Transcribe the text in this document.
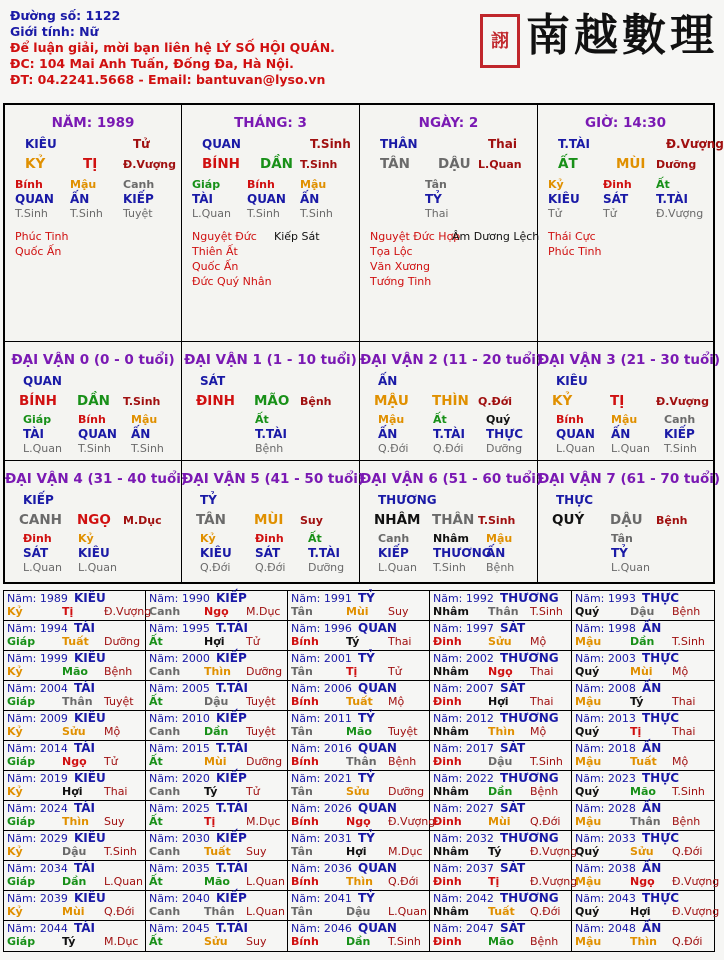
Đường số: 1122
Giới tính: Nữ
Để luận giải, mời bạn liên hệ LÝ SỐ HỘI QUÁN.
ĐC: 104 Mai Anh Tuấn, Đống Đa, Hà Nội.
ĐT: 04.2241.5668 - Email: bantuvan@lyso.vn
詡 南越數理
NĂM: 1989
KIÊU	Tử
KỶ	TỊ Đ.Vượng
Bính Mậu Canh
QUAN ẤN	KIẾP
T.Sinh T.Sinh Tuyệt
Phúc Tinh
Quốc Ấn
THÁNG: 3
QUAN	T.Sinh
BÍNH DẦN T.Sinh
Giáp Bính Mậu
TÀI	QUAN ẤN
L.Quan T.Sinh T.Sinh
Nguyệt Đức
Thiên Ất
Quốc Ấn
Đức Quý Nhân
Kiếp Sát
NGÀY: 2
THÂN	Thai
TÂN DẬU L.Quan
Tân
TỶ
Thai
Nguyệt Đức Hợp
Tọa Lộc
Văn Xương
Tướng Tinh
Âm Dương Lệch
GIỜ: 14:30
T.TÀI	Đ.Vượng
ẤT	MÙI Dưỡng
Kỷ	Đinh Ất
KIÊU SÁT T.TÀI
Tử	Tử	Đ.Vượng
Thái Cực
Phúc Tinh
ĐẠI VẬN 0 (0 - 0 tuổi)
QUAN
BÍNH DẦN T.Sinh
Giáp Bính Mậu
TÀI	QUAN ẤN
L.Quan T.Sinh T.Sinh
ĐẠI VẬN 1 (1 - 10 tuổi)
SÁT
ĐINH MÃO Bệnh
Ất
T.TÀI
Bệnh
ĐẠI VẬN 2 (11 - 20 tuổi)
ẤN
MẬU THÌN Q.Đới
Mậu	Ất	Quý
ẤN	T.TÀI THỰC
Q.Đới Q.Đới Dưỡng
ĐẠI VẬN 3 (21 - 30 tuổi)
KIÊU
KỶ	TỊ	Đ.Vượng
Bính Mậu Canh
QUAN ẤN	KIẾP
L.Quan L.Quan T.Sinh
ĐẠI VẬN 4 (31 - 40 tuổi)
KIẾP
CANH NGỌ M.Dục
Đinh Kỷ
SÁT KIÊU
L.Quan L.Quan
ĐẠI VẬN 5 (41 - 50 tuổi)
TỶ
TÂN MÙI Suy
Kỷ	Đinh Ất
KIÊU SÁT T.TÀI
Q.Đới Q.Đới Dưỡng
ĐẠI VẬN 6 (51 - 60 tuổi)
THƯƠNG
NHÂM THÂN T.Sinh
Canh Nhâm Mậu
KIẾP THƯƠNG
ẤN
L.Quan T.Sinh Bệnh
ĐẠI VẬN 7 (61 - 70 tuổi)
THỰC
QUÝ DẬU Bệnh
Tân
TỶ
L.Quan
Năm: 1989 KIÊU
Kỷ	Tị	Đ.Vượng
Năm: 1990 KIẾP
Canh Ngọ M.Dục
Năm: 1991 TỶ
Tân	Mùi Suy
Năm: 1992 THƯƠNG
Nhâm Thân T.Sinh
Năm: 1993 THỰC
Quý	Dậu Bệnh
Năm: 1994 TÀI
Giáp Tuất Dưỡng
Năm: 1995 T.TÀI
Ất	Hợi Tử
Năm: 1996 QUAN
Bính Tý	Thai
Năm: 1997 SÁT
Đinh Sửu Mộ
Năm: 1998 ẤN
Mậu	Dần T.Sinh
Năm: 1999 KIÊU
Kỷ	Mão Bệnh
Năm: 2000 KIẾP
Canh Thìn Dưỡng
Năm: 2001 TỶ
Tân	Tị	Tử
Năm: 2002 THƯƠNG
Nhâm Ngọ Thai
Năm: 2003 THỰC
Quý	Mùi Mộ
Năm: 2004 TÀI
Giáp Thân Tuyệt
Năm: 2005 T.TÀI
Ất	Dậu Tuyệt
Năm: 2006 QUAN
Bính Tuất Mộ
Năm: 2007 SÁT
Đinh Hợi Thai
Năm: 2008 ẤN
Mậu	Tý	Thai
Năm: 2009 KIÊU
Kỷ	Sửu Mộ
Năm: 2010 KIẾP
Canh Dần Tuyệt
Năm: 2011 TỶ
Tân	Mão Tuyệt
Năm: 2012 THƯƠNG
Nhâm Thìn Mộ
Năm: 2013 THỰC
Quý	Tị	Thai
Năm: 2014 TÀI
Giáp Ngọ Tử
Năm: 2015 T.TÀI
Ất	Mùi Dưỡng
Năm: 2016 QUAN
Bính Thân Bệnh
Năm: 2017 SÁT
Đinh Dậu T.Sinh
Năm: 2018 ẤN
Mậu	Tuất Mộ
Năm: 2019 KIÊU
Kỷ	Hợi Thai
Năm: 2020 KIẾP
Canh Tý	Tử
Năm: 2021 TỶ
Tân	Sửu Dưỡng
Năm: 2022 THƯƠNG
Nhâm Dần Bệnh
Năm: 2023 THỰC
Quý	Mão T.Sinh
Năm: 2024 TÀI
Giáp Thìn Suy
Năm: 2025 T.TÀI
Ất	Tị	M.Dục
Năm: 2026 QUAN
Bính Ngọ Đ.Vượng
Năm: 2027 SÁT
Đinh Mùi Q.Đới
Năm: 2028 ẤN
Mậu	Thân Bệnh
Năm: 2029 KIÊU
Kỷ	Dậu T.Sinh
Năm: 2030 KIẾP
Canh Tuất Suy
Năm: 2031 TỶ
Tân	Hợi M.Dục
Năm: 2032 THƯƠNG
Nhâm Tý	Đ.Vượng
Năm: 2033 THỰC
Quý	Sửu Q.Đới
Năm: 2034 TÀI
Giáp Dần L.Quan
Năm: 2035 T.TÀI
Ất	Mão L.Quan
Năm: 2036 QUAN
Bính Thìn Q.Đới
Năm: 2037 SÁT
Đinh Tị	Đ.Vượng
Năm: 2038 ẤN
Mậu	Ngọ Đ.Vượng
Năm: 2039 KIÊU
Kỷ	Mùi Q.Đới
Năm: 2040 KIẾP
Canh Thân L.Quan
Năm: 2041 TỶ
Tân	Dậu L.Quan
Năm: 2042 THƯƠNG
Nhâm Tuất Q.Đới
Năm: 2043 THỰC
Quý	Hợi Đ.Vượng
Năm: 2044 TÀI
Giáp Tý	M.Dục
Năm: 2045 T.TÀI
Ất	Sửu Suy
Năm: 2046 QUAN
Bính Dần T.Sinh
Năm: 2047 SÁT
Đinh Mão Bệnh
Năm: 2048 ẤN
Mậu	Thìn Q.Đới
